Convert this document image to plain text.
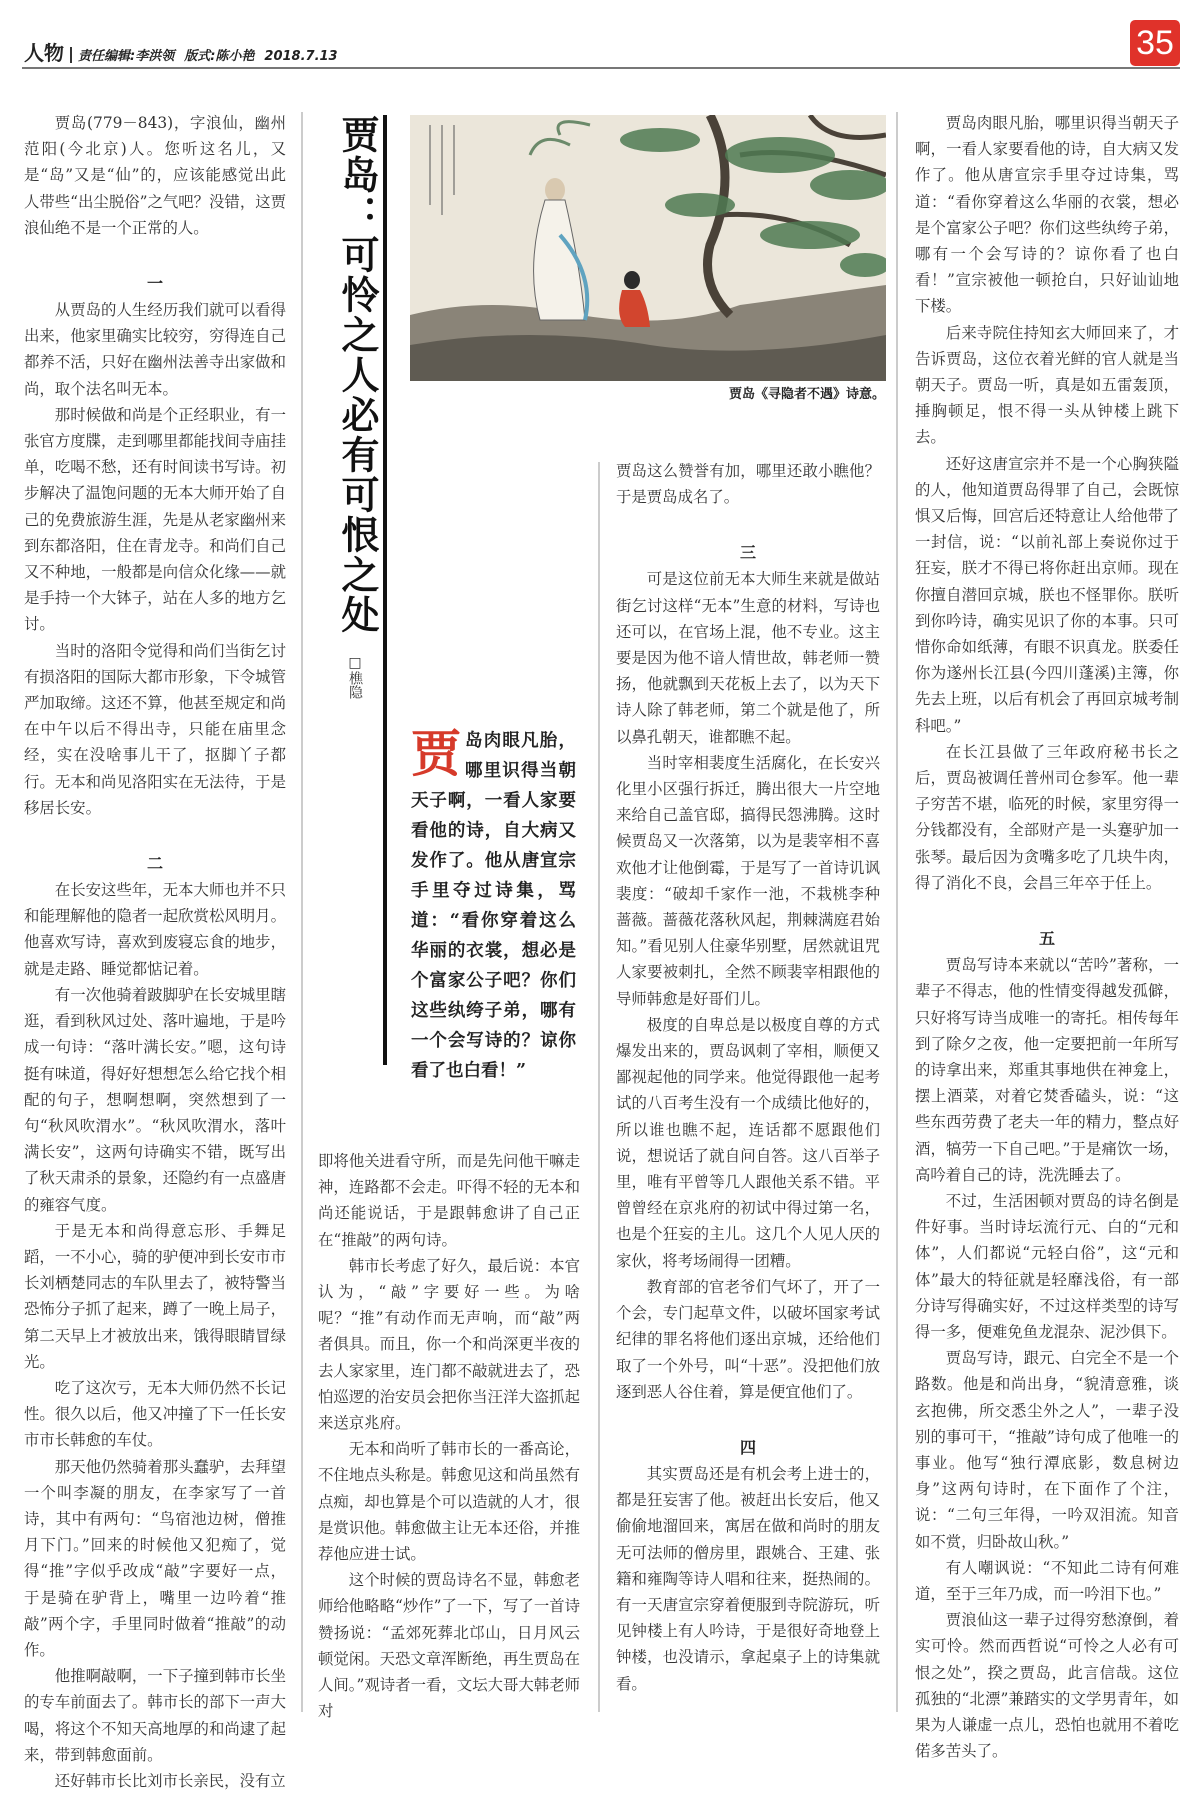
人物 责任编辑:李洪领 版式:陈小艳 2018.7.13	35
贾岛：可怜之人必有可恨之处
□樵隐
贾岛《寻隐者不遇》诗意。
贾岛肉眼凡胎，哪里识得当朝天子啊，一看人家要看他的诗，自大病又发作了。他从唐宣宗手里夺过诗集，骂道：“看你穿着这么华丽的衣裳，想必是个富家公子吧？你们这些纨绔子弟，哪有一个会写诗的？谅你看了也白看！”

贾岛(779－843)，字浪仙，幽州范阳(今北京)人。您听这名儿，又是“岛”又是“仙”的，应该能感觉出此人带些“出尘脱俗”之气吧？没错，这贾浪仙绝不是一个正常的人。

一

从贾岛的人生经历我们就可以看得出来，他家里确实比较穷，穷得连自己都养不活，只好在幽州法善寺出家做和尚，取个法名叫无本。

那时候做和尚是个正经职业，有一张官方度牒，走到哪里都能找间寺庙挂单，吃喝不愁，还有时间读书写诗。初步解决了温饱问题的无本大师开始了自己的免费旅游生涯，先是从老家幽州来到东都洛阳，住在青龙寺。和尚们自己又不种地，一般都是向信众化缘——就是手持一个大钵子，站在人多的地方乞讨。

当时的洛阳令觉得和尚们当街乞讨有损洛阳的国际大都市形象，下令城管严加取缔。这还不算，他甚至规定和尚在中午以后不得出寺，只能在庙里念经，实在没啥事儿干了，抠脚丫子都行。无本和尚见洛阳实在无法待，于是移居长安。

二

在长安这些年，无本大师也并不只和能理解他的隐者一起欣赏松风明月。他喜欢写诗，喜欢到废寝忘食的地步，就是走路、睡觉都惦记着。

有一次他骑着跛脚驴在长安城里瞎逛，看到秋风过处、落叶遍地，于是吟成一句诗：“落叶满长安。”嗯，这句诗挺有味道，得好好想想怎么给它找个相配的句子，想啊想啊，突然想到了一句“秋风吹渭水”。“秋风吹渭水，落叶满长安”，这两句诗确实不错，既写出了秋天肃杀的景象，还隐约有一点盛唐的雍容气度。

于是无本和尚得意忘形、手舞足蹈，一不小心，骑的驴便冲到长安市市长刘栖楚同志的车队里去了，被特警当恐怖分子抓了起来，蹲了一晚上局子，第二天早上才被放出来，饿得眼睛冒绿光。

吃了这次亏，无本大师仍然不长记性。很久以后，他又冲撞了下一任长安市市长韩愈的车仗。

那天他仍然骑着那头蠢驴，去拜望一个叫李凝的朋友，在李家写了一首诗，其中有两句：“鸟宿池边树，僧推月下门。”回来的时候他又犯痴了，觉得“推”字似乎改成“敲”字要好一点，于是骑在驴背上，嘴里一边吟着“推敲”两个字，手里同时做着“推敲”的动作。

他推啊敲啊，一下子撞到韩市长坐的专车前面去了。韩市长的部下一声大喝，将这个不知天高地厚的和尚逮了起来，带到韩愈面前。

还好韩市长比刘市长亲民，没有立

即将他关进看守所，而是先问他干嘛走神，连路都不会走。吓得不轻的无本和尚还能说话，于是跟韩愈讲了自己正在“推敲”的两句诗。

韩市长考虑了好久，最后说：本官认为，“敲”字要好一些。为啥呢？“推”有动作而无声响，而“敲”两者俱具。而且，你一个和尚深更半夜的去人家家里，连门都不敲就进去了，恐怕巡逻的治安员会把你当汪洋大盗抓起来送京兆府。

无本和尚听了韩市长的一番高论，不住地点头称是。韩愈见这和尚虽然有点痴，却也算是个可以造就的人才，很是赏识他。韩愈做主让无本还俗，并推荐他应进士试。

这个时候的贾岛诗名不显，韩愈老师给他略略“炒作”了一下，写了一首诗赞扬说：“孟郊死葬北邙山，日月风云顿觉闲。天恐文章浑断绝，再生贾岛在人间。”观诗者一看，文坛大哥大韩老师对

贾岛这么赞誉有加，哪里还敢小瞧他？于是贾岛成名了。

三

可是这位前无本大师生来就是做站街乞讨这样“无本”生意的材料，写诗也还可以，在官场上混，他不专业。这主要是因为他不谙人情世故，韩老师一赞扬，他就飘到天花板上去了，以为天下诗人除了韩老师，第二个就是他了，所以鼻孔朝天，谁都瞧不起。

当时宰相裴度生活腐化，在长安兴化里小区强行拆迁，腾出很大一片空地来给自己盖官邸，搞得民怨沸腾。这时候贾岛又一次落第，以为是裴宰相不喜欢他才让他倒霉，于是写了一首诗讥讽裴度：“破却千家作一池，不栽桃李种蔷薇。蔷薇花落秋风起，荆棘满庭君始知。”看见别人住豪华别墅，居然就诅咒人家要被刺扎，全然不顾裴宰相跟他的导师韩愈是好哥们儿。

极度的自卑总是以极度自尊的方式爆发出来的，贾岛讽刺了宰相，顺便又鄙视起他的同学来。他觉得跟他一起考试的八百考生没有一个成绩比他好的，所以谁也瞧不起，连话都不愿跟他们说，想说话了就自问自答。这八百举子里，唯有平曾等几人跟他关系不错。平曾曾经在京兆府的初试中得过第一名，也是个狂妄的主儿。这几个人见人厌的家伙，将考场闹得一团糟。

教育部的官老爷们气坏了，开了一个会，专门起草文件，以破坏国家考试纪律的罪名将他们逐出京城，还给他们取了一个外号，叫“十恶”。没把他们放逐到恶人谷住着，算是便宜他们了。

四

其实贾岛还是有机会考上进士的，都是狂妄害了他。被赶出长安后，他又偷偷地溜回来，寓居在做和尚时的朋友无可法师的僧房里，跟姚合、王建、张籍和雍陶等诗人唱和往来，挺热闹的。有一天唐宣宗穿着便服到寺院游玩，听见钟楼上有人吟诗，于是很好奇地登上钟楼，也没请示，拿起桌子上的诗集就看。

贾岛肉眼凡胎，哪里识得当朝天子啊，一看人家要看他的诗，自大病又发作了。他从唐宣宗手里夺过诗集，骂道：“看你穿着这么华丽的衣裳，想必是个富家公子吧？你们这些纨绔子弟，哪有一个会写诗的？谅你看了也白看！”宣宗被他一顿抢白，只好讪讪地下楼。

后来寺院住持知玄大师回来了，才告诉贾岛，这位衣着光鲜的官人就是当朝天子。贾岛一听，真是如五雷轰顶，捶胸顿足，恨不得一头从钟楼上跳下去。

还好这唐宣宗并不是一个心胸狭隘的人，他知道贾岛得罪了自己，会既惊惧又后悔，回宫后还特意让人给他带了一封信，说：“以前礼部上奏说你过于狂妄，朕才不得已将你赶出京师。现在你擅自潜回京城，朕也不怪罪你。朕听到你吟诗，确实见识了你的本事。只可惜你命如纸薄，有眼不识真龙。朕委任你为遂州长江县(今四川蓬溪)主簿，你先去上班，以后有机会了再回京城考制科吧。”

在长江县做了三年政府秘书长之后，贾岛被调任普州司仓参军。他一辈子穷苦不堪，临死的时候，家里穷得一分钱都没有，全部财产是一头蹇驴加一张琴。最后因为贪嘴多吃了几块牛肉，得了消化不良，会昌三年卒于任上。

五

贾岛写诗本来就以“苦吟”著称，一辈子不得志，他的性情变得越发孤僻，只好将写诗当成唯一的寄托。相传每年到了除夕之夜，他一定要把前一年所写的诗拿出来，郑重其事地供在神龛上，摆上酒菜，对着它焚香磕头，说：“这些东西劳费了老夫一年的精力，整点好酒，犒劳一下自己吧。”于是痛饮一场，高吟着自己的诗，洗洗睡去了。

不过，生活困顿对贾岛的诗名倒是件好事。当时诗坛流行元、白的“元和体”，人们都说“元轻白俗”，这“元和体”最大的特征就是轻靡浅俗，有一部分诗写得确实好，不过这样类型的诗写得一多，便难免鱼龙混杂、泥沙俱下。

贾岛写诗，跟元、白完全不是一个路数。他是和尚出身，“貌清意雅，谈玄抱佛，所交悉尘外之人”，一辈子没别的事可干，“推敲”诗句成了他唯一的事业。他写“独行潭底影，数息树边身”这两句诗时，在下面作了个注，说：“二句三年得，一吟双泪流。知音如不赏，归卧故山秋。”

有人嘲讽说：“不知此二诗有何难道，至于三年乃成，而一吟泪下也。”

贾浪仙这一辈子过得穷愁潦倒，着实可怜。然而西哲说“可怜之人必有可恨之处”，揆之贾岛，此言信哉。这位孤独的“北漂”兼踏实的文学男青年，如果为人谦虚一点儿，恐怕也就用不着吃偌多苦头了。
